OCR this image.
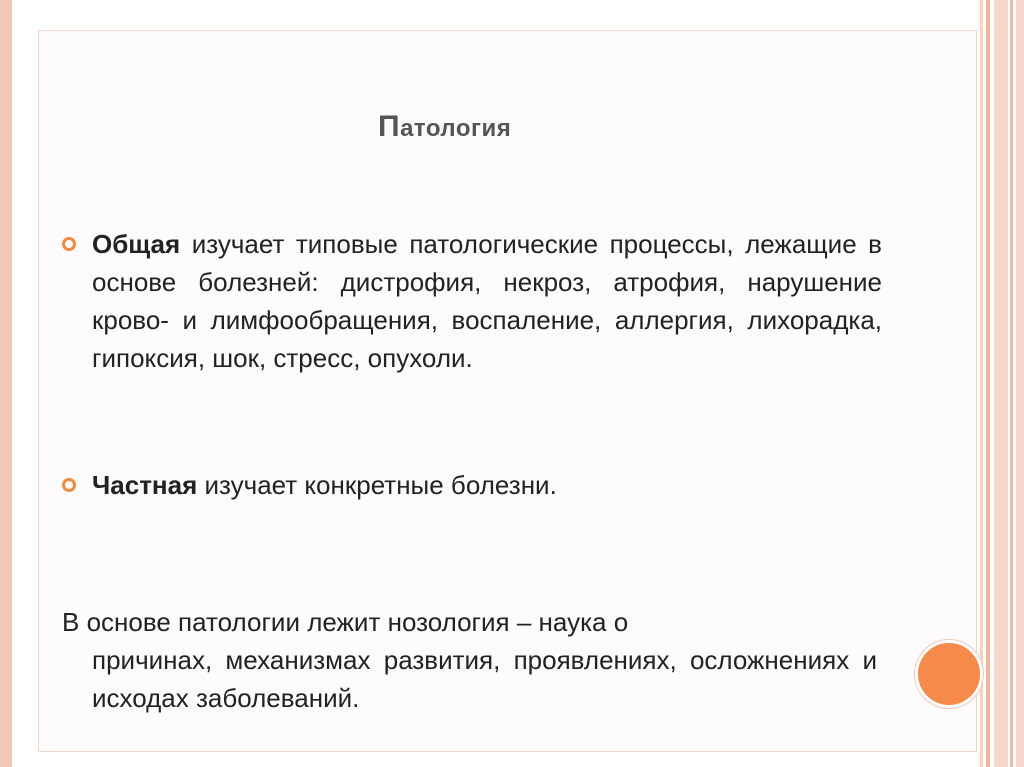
Патология
Общая изучает типовые патологические процессы, лежащие в основе болезней: дистрофия, некроз, атрофия, нарушение крово- и лимфообращения, воспаление, аллергия, лихорадка, гипоксия, шок, стресс, опухоли.
Частная изучает конкретные болезни.
В основе патологии лежит нозология – наука о
причинах, механизмах развития, проявлениях, осложнениях и исходах заболеваний.
